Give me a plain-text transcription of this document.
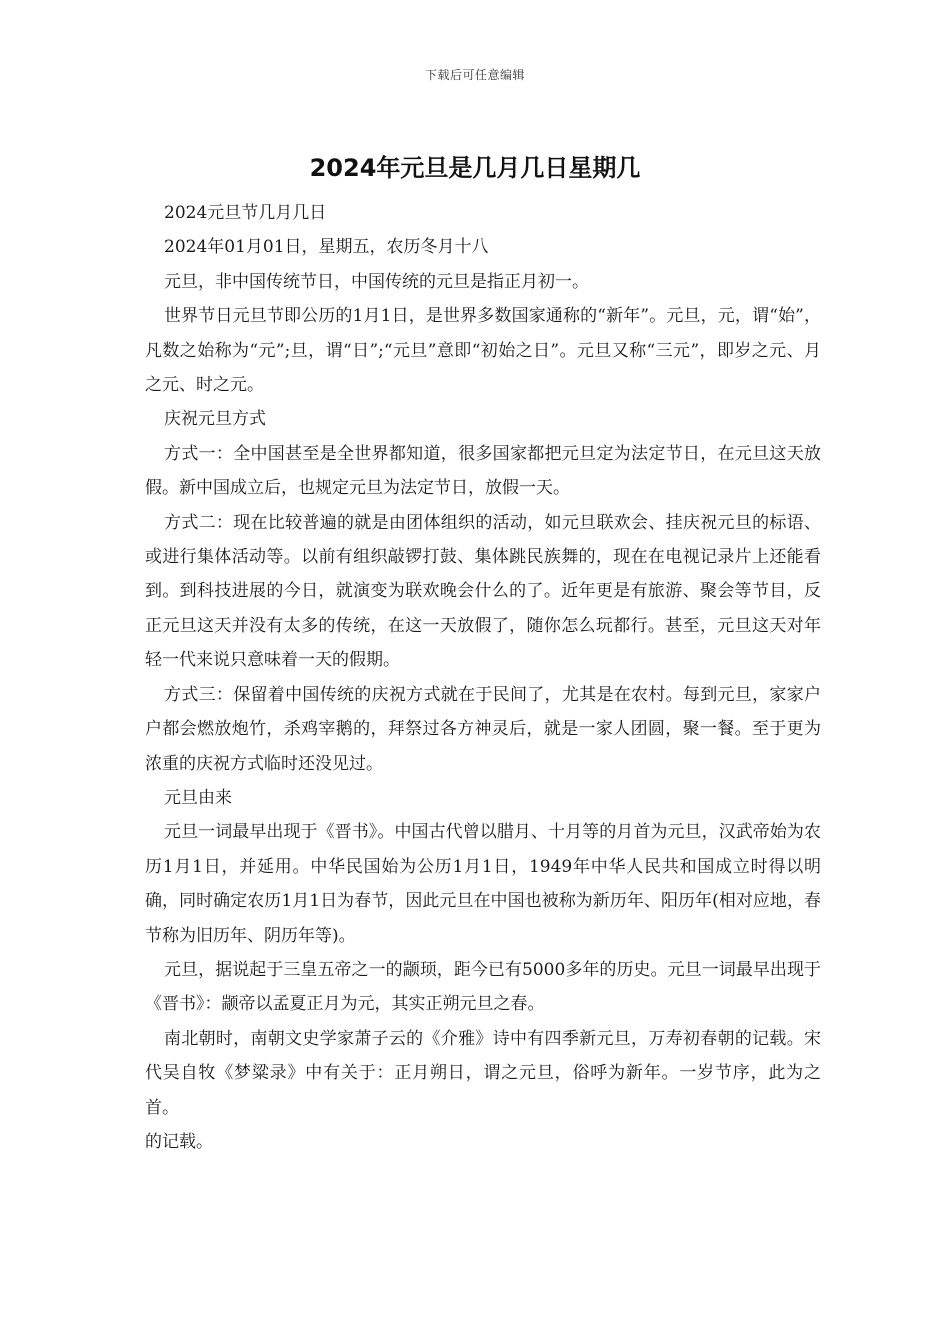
下载后可任意编辑
2024年元旦是几月几日星期几

2024元旦节几月几日

2024年01月01日，星期五，农历冬月十八

元旦，非中国传统节日，中国传统的元旦是指正月初一。

世界节日元旦节即公历的1月1日，是世界多数国家通称的“新年”。元旦，元，谓“始”，凡数之始称为“元”;旦，谓“日”;“元旦”意即“初始之日”。元旦又称“三元”，即岁之元、月之元、时之元。

庆祝元旦方式

方式一：全中国甚至是全世界都知道，很多国家都把元旦定为法定节日，在元旦这天放假。新中国成立后，也规定元旦为法定节日，放假一天。

方式二：现在比较普遍的就是由团体组织的活动，如元旦联欢会、挂庆祝元旦的标语、或进行集体活动等。以前有组织敲锣打鼓、集体跳民族舞的，现在在电视记录片上还能看到。到科技进展的今日，就演变为联欢晚会什么的了。近年更是有旅游、聚会等节目，反正元旦这天并没有太多的传统，在这一天放假了，随你怎么玩都行。甚至，元旦这天对年轻一代来说只意味着一天的假期。

方式三：保留着中国传统的庆祝方式就在于民间了，尤其是在农村。每到元旦，家家户户都会燃放炮竹，杀鸡宰鹅的，拜祭过各方神灵后，就是一家人团圆，聚一餐。至于更为浓重的庆祝方式临时还没见过。

元旦由来

元旦一词最早出现于《晋书》。中国古代曾以腊月、十月等的月首为元旦，汉武帝始为农历1月1日，并延用。中华民国始为公历1月1日，1949年中华人民共和国成立时得以明确，同时确定农历1月1日为春节，因此元旦在中国也被称为新历年、阳历年(相对应地，春节称为旧历年、阴历年等)。

元旦，据说起于三皇五帝之一的颛顼，距今已有5000多年的历史。元旦一词最早出现于《晋书》：颛帝以孟夏正月为元，其实正朔元旦之春。

南北朝时，南朝文史学家萧子云的《介雅》诗中有四季新元旦，万寿初春朝的记载。宋代吴自牧《梦粱录》中有关于：正月朔日，谓之元旦，俗呼为新年。一岁节序，此为之首。

的记载。
